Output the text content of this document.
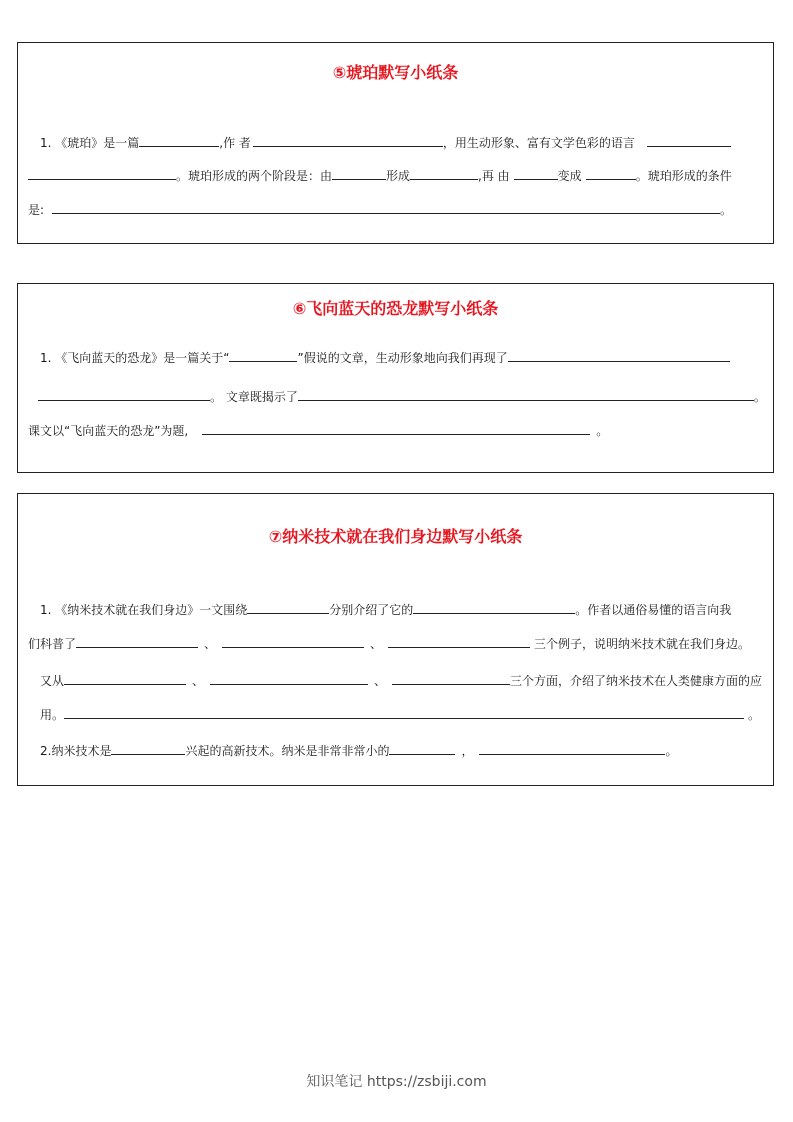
⑤琥珀默写小纸条
1. 《琥珀》是一篇	,作 者	，用生动形象、富有文学色彩的语言
。琥珀形成的两个阶段是：由	形成	,再 由	变成	。琥珀形成的条件
是:	。
⑥飞向蓝天的恐龙默写小纸条
1. 《飞向蓝天的恐龙》是一篇关于“	”假说的文章，生动形象地向我们再现了
。 文章既揭示了	。
课文以“飞向蓝天的恐龙”为题,	。
⑦纳米技术就在我们身边默写小纸条
1. 《纳米技术就在我们身边》一文围绕	分别介绍了它的	。作者以通俗易懂的语言向我
们科普了	、	、	三个例子，说明纳米技术就在我们身边。
又从	、	、	三个方面，介绍了纳米技术在人类健康方面的应
用。	。
2.纳米技术是	兴起的高新技术。纳米是非常非常小的	，	。
知识笔记 https://zsbiji.com
